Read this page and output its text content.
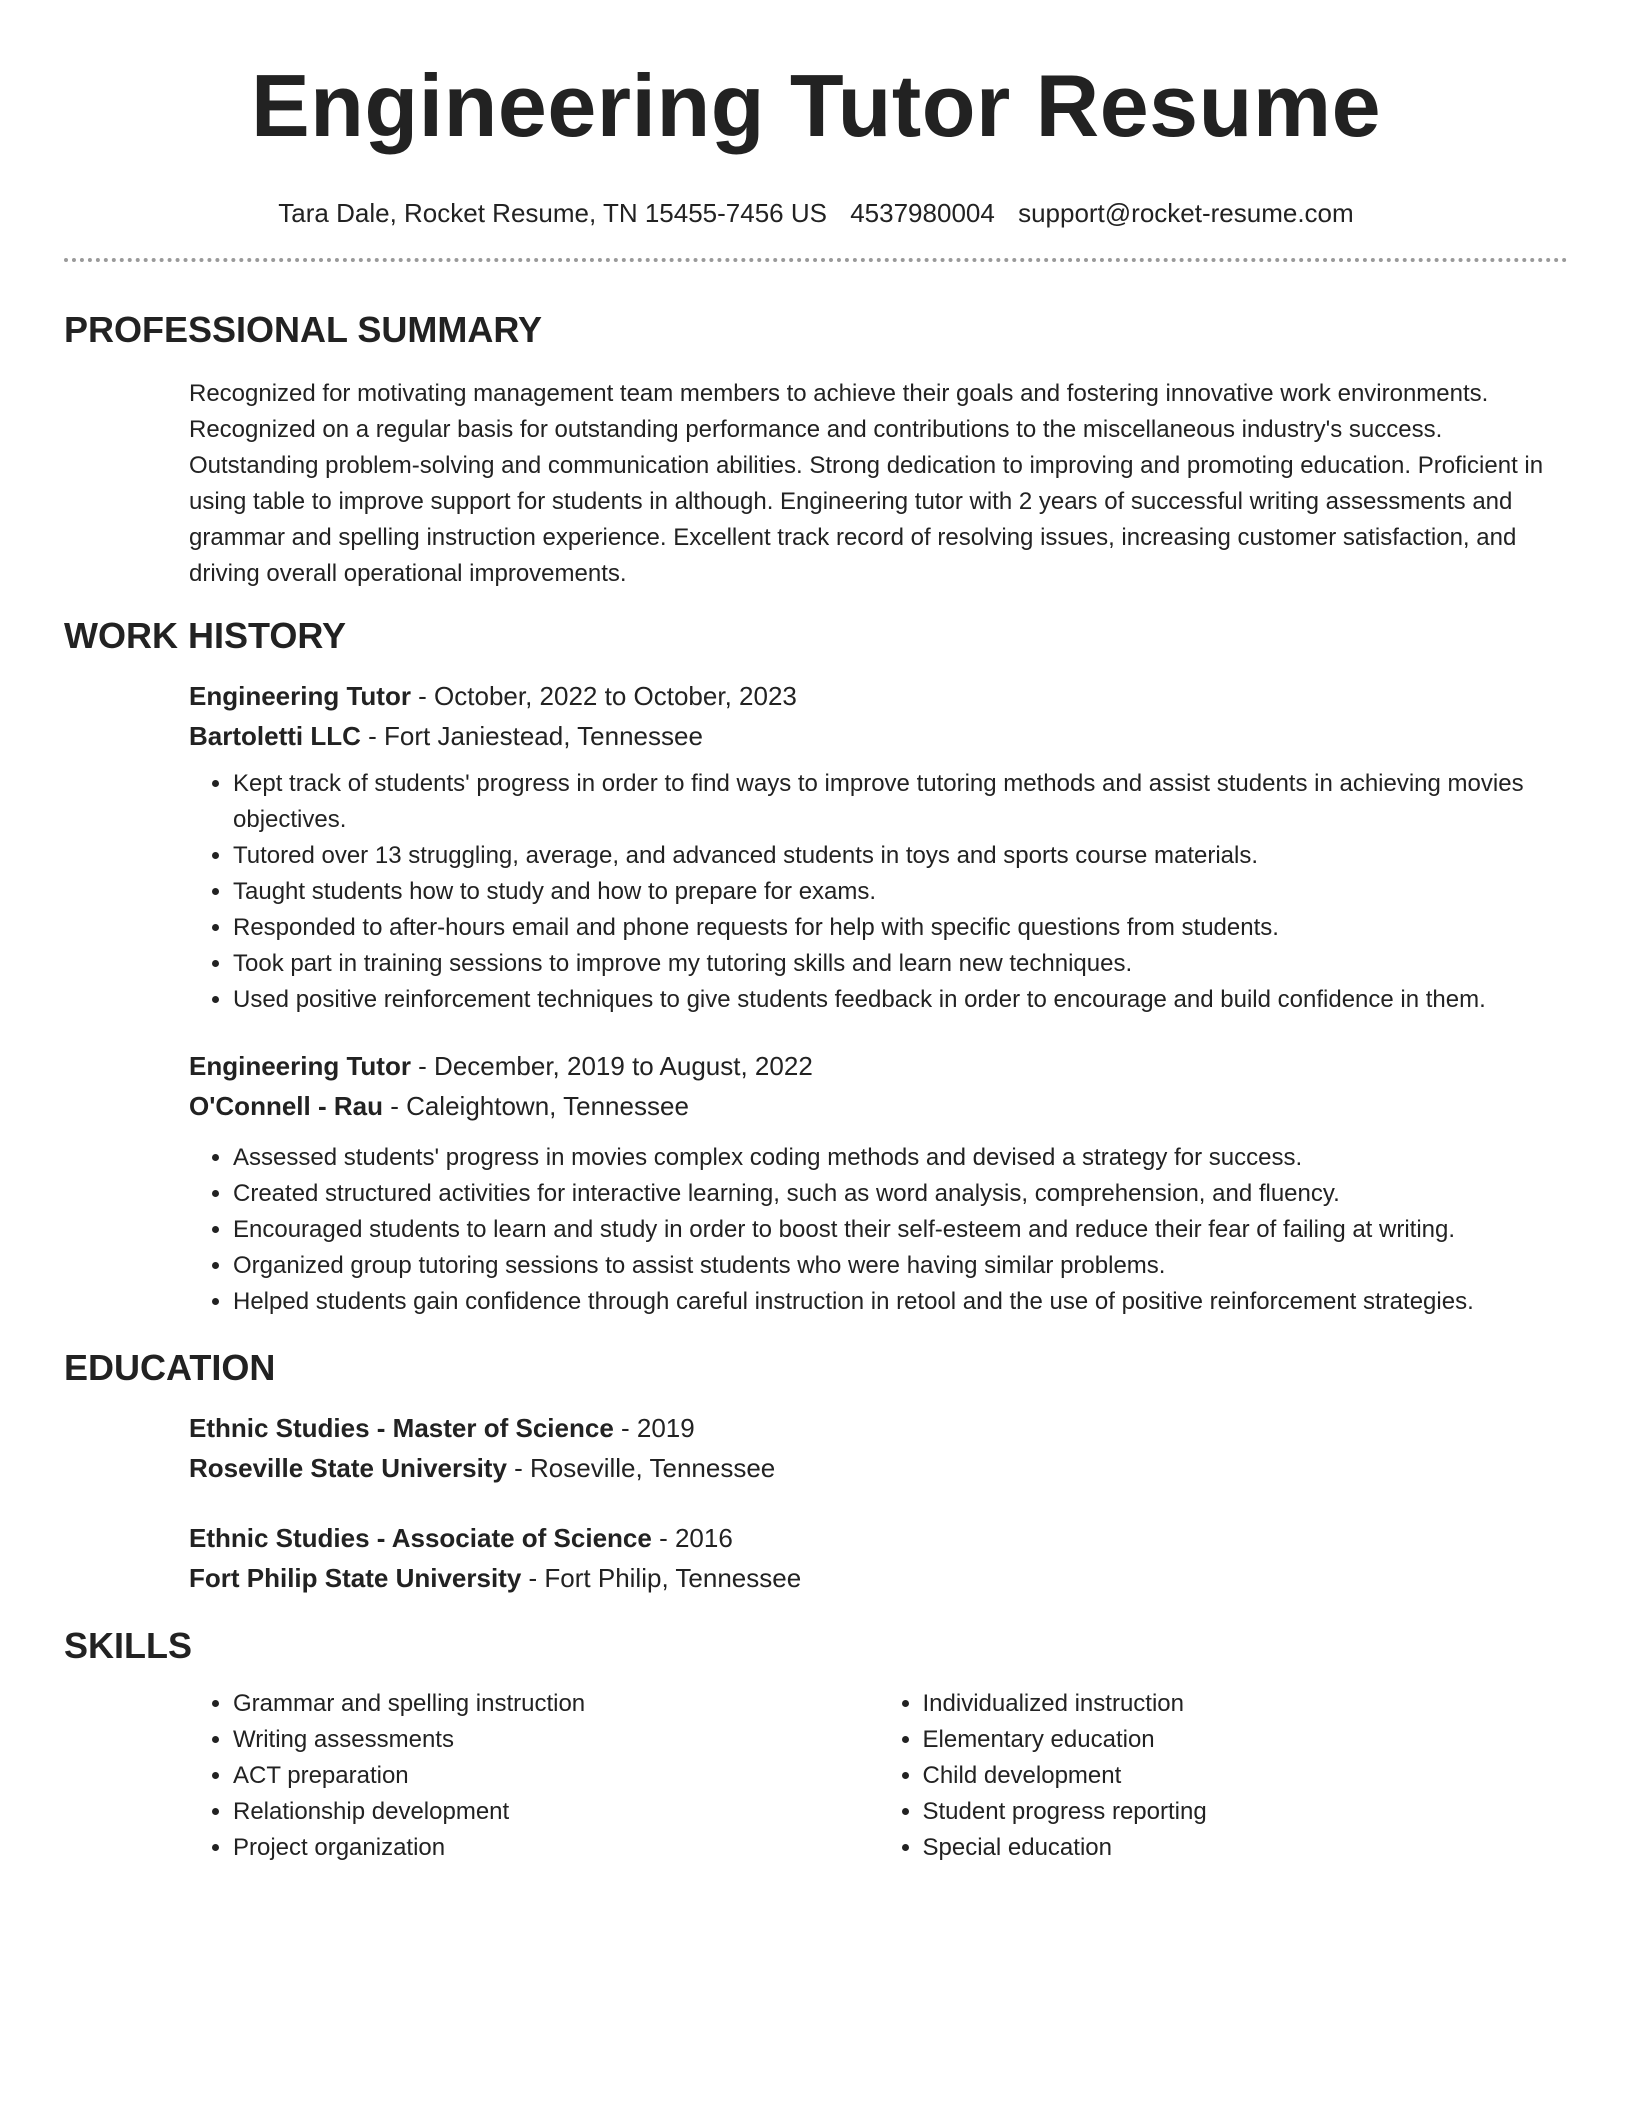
Engineering Tutor Resume
Tara Dale, Rocket Resume, TN 15455-7456 US 4537980004 support@rocket-resume.com
PROFESSIONAL SUMMARY

Recognized for motivating management team members to achieve their goals and fostering innovative work environments. Recognized on a regular basis for outstanding performance and contributions to the miscellaneous industry's success. Outstanding problem-solving and communication abilities. Strong dedication to improving and promoting education. Proficient in using table to improve support for students in although. Engineering tutor with 2 years of successful writing assessments and grammar and spelling instruction experience. Excellent track record of resolving issues, increasing customer satisfaction, and driving overall operational improvements.

WORK HISTORY
Engineering Tutor - October, 2022 to October, 2023
Bartoletti LLC - Fort Janiestead, Tennessee
• Kept track of students' progress in order to find ways to improve tutoring methods and assist students in achieving movies objectives.
• Tutored over 13 struggling, average, and advanced students in toys and sports course materials.
• Taught students how to study and how to prepare for exams.
• Responded to after-hours email and phone requests for help with specific questions from students.
• Took part in training sessions to improve my tutoring skills and learn new techniques.
• Used positive reinforcement techniques to give students feedback in order to encourage and build confidence in them.
Engineering Tutor - December, 2019 to August, 2022
O'Connell - Rau - Caleightown, Tennessee
• Assessed students' progress in movies complex coding methods and devised a strategy for success.
• Created structured activities for interactive learning, such as word analysis, comprehension, and fluency.
• Encouraged students to learn and study in order to boost their self-esteem and reduce their fear of failing at writing.
• Organized group tutoring sessions to assist students who were having similar problems.
• Helped students gain confidence through careful instruction in retool and the use of positive reinforcement strategies.
EDUCATION
Ethnic Studies - Master of Science - 2019
Roseville State University - Roseville, Tennessee
Ethnic Studies - Associate of Science - 2016
Fort Philip State University - Fort Philip, Tennessee
SKILLS
• Grammar and spelling instruction
• Writing assessments
• ACT preparation
• Relationship development
• Project organization
• Individualized instruction
• Elementary education
• Child development
• Student progress reporting
• Special education
